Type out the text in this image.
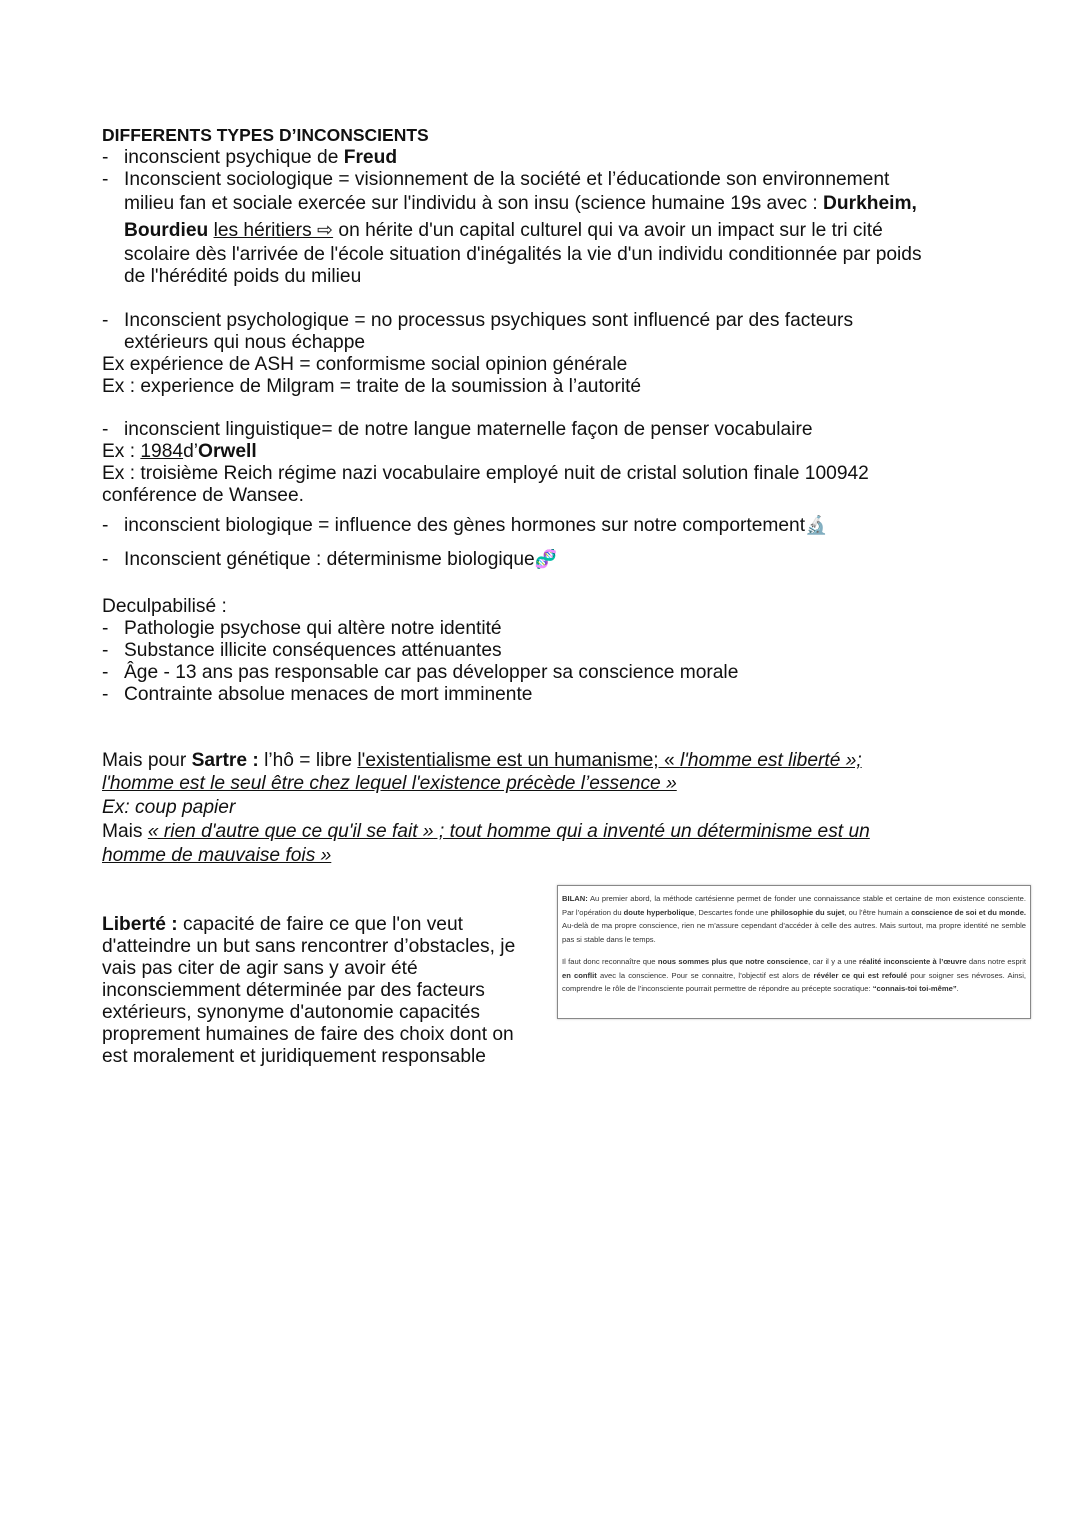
DIFFERENTS TYPES D’INCONSCIENTS
- inconscient psychique de Freud
- Inconscient sociologique = visionnement de la société et l’éducationde son environnement
milieu fan et sociale exercée sur l'individu à son insu (science humaine 19s avec : Durkheim,
Bourdieu les héritiers ⇨ on hérite d'un capital culturel qui va avoir un impact sur le tri cité
scolaire dès l'arrivée de l'école situation d'inégalités la vie d'un individu conditionnée par poids
de l'hérédité poids du milieu
- Inconscient psychologique = no processus psychiques sont influencé par des facteurs
extérieurs qui nous échappe
Ex expérience de ASH = conformisme social opinion générale
Ex : experience de Milgram = traite de la soumission à l’autorité
- inconscient linguistique= de notre langue maternelle façon de penser vocabulaire
Ex : 1984d’Orwell
Ex : troisième Reich régime nazi vocabulaire employé nuit de cristal solution finale 100942
conférence de Wansee.
- inconscient biologique = influence des gènes hormones sur notre comportement🔬
- Inconscient génétique : déterminisme biologique🧬
Deculpabilisé :
- Pathologie psychose qui altère notre identité
- Substance illicite conséquences atténuantes
- Âge - 13 ans pas responsable car pas développer sa conscience morale
- Contrainte absolue menaces de mort imminente
Mais pour Sartre : l’hô = libre l'existentialisme est un humanisme; « l'homme est liberté »;
l'homme est le seul être chez lequel l'existence précède l’essence »
Ex: coup papier
Mais « rien d'autre que ce qu'il se fait » ; tout homme qui a inventé un déterminisme est un
homme de mauvaise fois »
Liberté : capacité de faire ce que l'on veut d'atteindre un but sans rencontrer d’obstacles, je vais pas citer de agir sans y avoir été inconsciemment déterminée par des facteurs extérieurs, synonyme d'autonomie capacités proprement humaines de faire des choix dont on est moralement et juridiquement responsable

BILAN: Au premier abord, la méthode cartésienne permet de fonder une connaissance stable et certaine de mon existence consciente. Par l’opération du doute hyperbolique, Descartes fonde une philosophie du sujet, ou l’être humain a conscience de soi et du monde. Au-delà de ma propre conscience, rien ne m’assure cependant d’accéder à celle des autres. Mais surtout, ma propre identité ne semble pas si stable dans le temps.

Il faut donc reconnaître que nous sommes plus que notre conscience, car il y a une réalité inconsciente à l’œuvre dans notre esprit en conflit avec la conscience. Pour se connaitre, l’objectif est alors de révéler ce qui est refoulé pour soigner ses névroses. Ainsi, comprendre le rôle de l’inconsciente pourrait permettre de répondre au précepte socratique: “connais-toi toi-même”.
